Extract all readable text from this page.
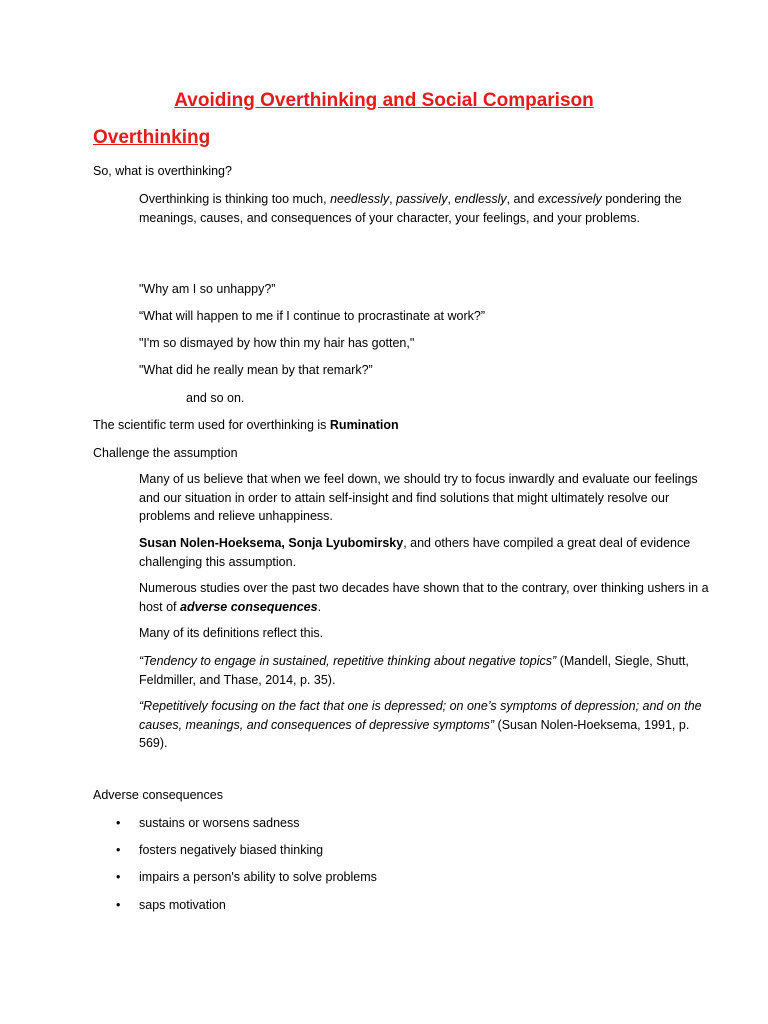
Avoiding Overthinking and Social Comparison
Overthinking

So, what is overthinking?

Overthinking is thinking too much, needlessly, passively, endlessly, and excessively pondering the meanings, causes, and consequences of your character, your feelings, and your problems.

"Why am I so unhappy?”

“What will happen to me if I continue to procrastinate at work?”

"I'm so dismayed by how thin my hair has gotten,"

"What did he really mean by that remark?”

and so on.

The scientific term used for overthinking is Rumination

Challenge the assumption

Many of us believe that when we feel down, we should try to focus inwardly and evaluate our feelings and our situation in order to attain self-insight and find solutions that might ultimately resolve our problems and relieve unhappiness.

Susan Nolen-Hoeksema, Sonja Lyubomirsky, and others have compiled a great deal of evidence challenging this assumption.

Numerous studies over the past two decades have shown that to the contrary, over thinking ushers in a host of adverse consequences.

Many of its definitions reflect this.

“Tendency to engage in sustained, repetitive thinking about negative topics” (Mandell, Siegle, Shutt, Feldmiller, and Thase, 2014, p. 35).

“Repetitively focusing on the fact that one is depressed; on one’s symptoms of depression; and on the causes, meanings, and consequences of depressive symptoms” (Susan Nolen-Hoeksema, 1991, p. 569).

Adverse consequences

• sustains or worsens sadness
• fosters negatively biased thinking
• impairs a person's ability to solve problems
• saps motivation
